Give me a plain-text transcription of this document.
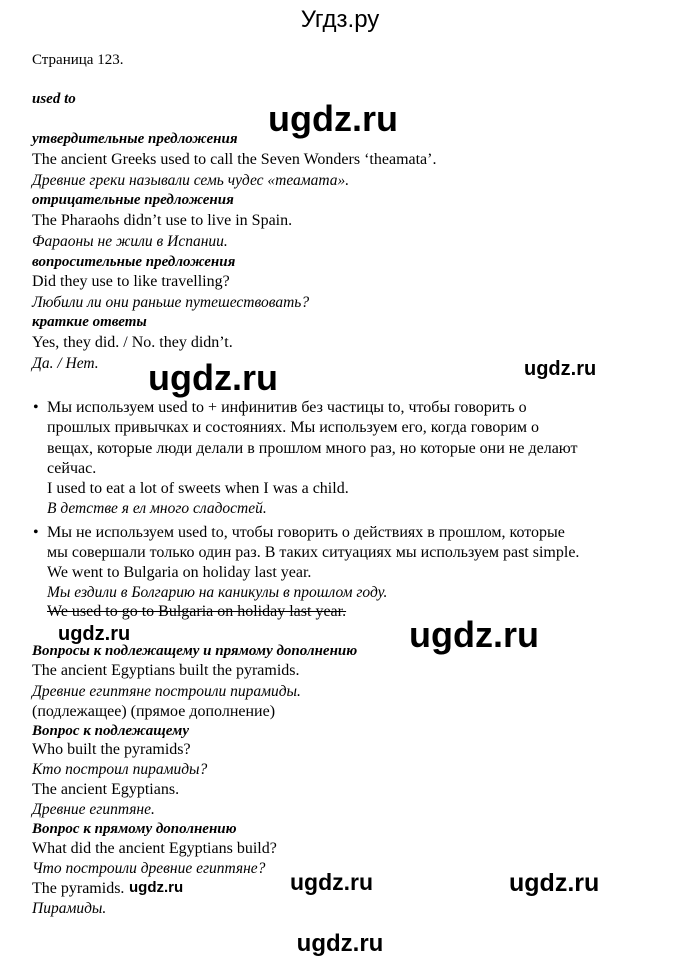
Угдз.ру
Страница 123.
used to	ugdz.ru
ugdz.ru	ugdz.ru
ugdz.ru	ugdz.ru
ugdz.ru	ugdz.ru	ugdz.ru
утвердительные предложения
The ancient Greeks used to call the Seven Wonders ‘theamata’.
Древние греки называли семь чудес «теамата».
отрицательные предложения
The Pharaohs didn’t use to live in Spain.
Фараоны не жили в Испании.
вопросительные предложения
Did they use to like travelling?
Любили ли они раньше путешествовать?
краткие ответы
Yes, they did. / No. they didn’t.
Да. / Нет.
• Мы используем used to + инфинитив без частицы to, чтобы говорить о
прошлых привычках и состояниях. Мы используем его, когда говорим о
вещах, которые люди делали в прошлом много раз, но которые они не делают
сейчас.
I used to eat a lot of sweets when I was a child.
В детстве я ел много сладостей.
• Мы не используем used to, чтобы говорить о действиях в прошлом, которые
мы совершали только один раз. В таких ситуациях мы используем past simple.
We went to Bulgaria on holiday last year.
Мы ездили в Болгарию на каникулы в прошлом году.
We used to go to Bulgaria on holiday last year.
Вопросы к подлежащему и прямому дополнению
The ancient Egyptians built the pyramids.
Древние египтяне построили пирамиды.
(подлежащее) (прямое дополнение)
Вопрос к подлежащему
Who built the pyramids?
Кто построил пирамиды?
The ancient Egyptians.
Древние египтяне.
Вопрос к прямому дополнению
What did the ancient Egyptians build?
Что построили древние египтяне?
The pyramids.
Пирамиды.
ugdz.ru
